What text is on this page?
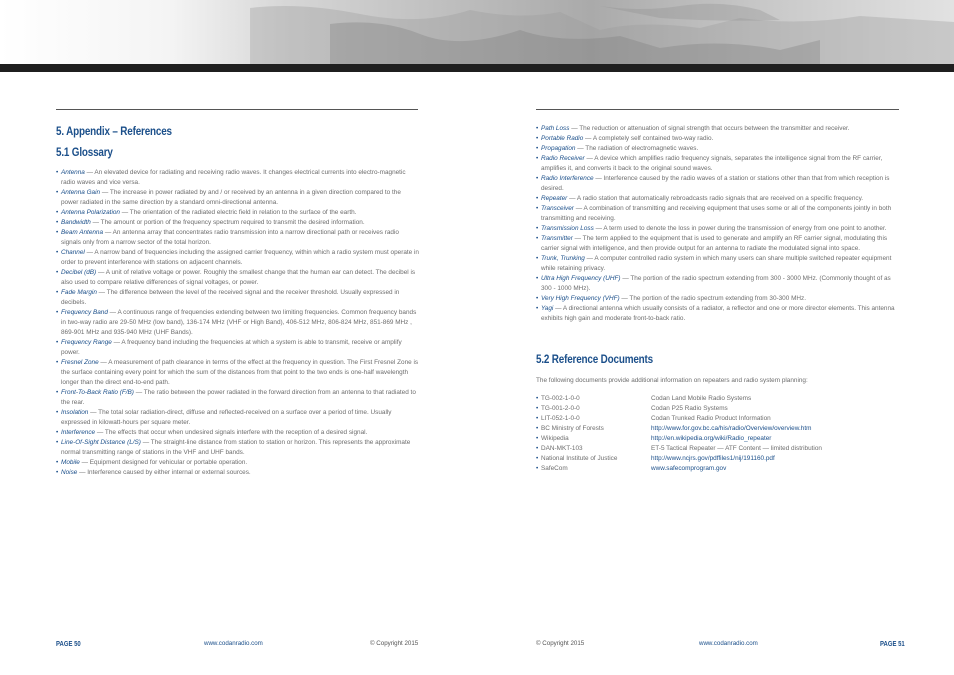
5. Appendix – References
5.1 Glossary
• Antenna — An elevated device for radiating and receiving radio waves. It changes electrical currents into electro-magnetic radio waves and vice versa.
• Antenna Gain — The increase in power radiated by and / or received by an antenna in a given direction compared to the power radiated in the same direction by a standard omni-directional antenna.
• Antenna Polarization — The orientation of the radiated electric field in relation to the surface of the earth.
• Bandwidth — The amount or portion of the frequency spectrum required to transmit the desired information.
• Beam Antenna — An antenna array that concentrates radio transmission into a narrow directional path or receives radio signals only from a narrow sector of the total horizon.
• Channel — A narrow band of frequencies including the assigned carrier frequency, within which a radio system must operate in order to prevent interference with stations on adjacent channels.
• Decibel (dB) — A unit of relative voltage or power. Roughly the smallest change that the human ear can detect. The decibel is also used to compare relative differences of signal voltages, or power.
• Fade Margin — The difference between the level of the received signal and the receiver threshold. Usually expressed in decibels.
• Frequency Band — A continuous range of frequencies extending between two limiting frequencies. Common frequency bands in two-way radio are 29-50 MHz (low band), 136-174 MHz (VHF or High Band), 406-512 MHz, 806-824 MHz, 851-869 MHz , 869-901 MHz and 935-940 MHz (UHF Bands).
• Frequency Range — A frequency band including the frequencies at which a system is able to transmit, receive or amplify power.
• Fresnel Zone — A measurement of path clearance in terms of the effect at the frequency in question. The First Fresnel Zone is the surface containing every point for which the sum of the distances from that point to the two ends is one-half wavelength longer than the direct end-to-end path.
• Front-To-Back Ratio (F/B) — The ratio between the power radiated in the forward direction from an antenna to that radiated to the rear.
• Insolation — The total solar radiation-direct, diffuse and reflected-received on a surface over a period of time. Usually expressed in kilowatt-hours per square meter.
• Interference — The effects that occur when undesired signals interfere with the reception of a desired signal.
• Line-Of-Sight Distance (L/S) — The straight-line distance from station to station or horizon. This represents the approximate normal transmitting range of stations in the VHF and UHF bands.
• Mobile — Equipment designed for vehicular or portable operation.
• Noise — Interference caused by either internal or external sources.
PAGE 50	www.codanradio.com	© Copyright 2015
• Path Loss — The reduction or attenuation of signal strength that occurs between the transmitter and receiver.
• Portable Radio — A completely self contained two-way radio.
• Propagation — The radiation of electromagnetic waves.
• Radio Receiver — A device which amplifies radio frequency signals, separates the intelligence signal from the RF carrier, amplifies it, and converts it back to the original sound waves.
• Radio Interference — Interference caused by the radio waves of a station or stations other than that from which reception is desired.
• Repeater — A radio station that automatically rebroadcasts radio signals that are received on a specific frequency.
• Transceiver — A combination of transmitting and receiving equipment that uses some or all of the components jointly in both transmitting and receiving.
• Transmission Loss — A term used to denote the loss in power during the transmission of energy from one point to another.
• Transmitter — The term applied to the equipment that is used to generate and amplify an RF carrier signal, modulating this carrier signal with intelligence, and then provide output for an antenna to radiate the modulated signal into space.
• Trunk, Trunking — A computer controlled radio system in which many users can share multiple switched repeater equipment while retaining privacy.
• Ultra High Frequency (UHF) — The portion of the radio spectrum extending from 300 - 3000 MHz. (Commonly thought of as 300 - 1000 MHz).
• Very High Frequency (VHF) — The portion of the radio spectrum extending from 30-300 MHz.
• Yagi — A directional antenna which usually consists of a radiator, a reflector and one or more director elements. This antenna exhibits high gain and moderate front-to-back ratio.
5.2 Reference Documents
The following documents provide additional information on repeaters and radio system planning:
• TG-002-1-0-0	Codan Land Mobile Radio Systems
• TG-001-2-0-0	Codan P25 Radio Systems
• LIT-052-1-0-0	Codan Trunked Radio Product Information
• BC Ministry of Forests	http://www.for.gov.bc.ca/his/radio/Overview/overview.htm
• Wikipedia	http://en.wikipedia.org/wiki/Radio_repeater
• DAN-MKT-103	ET-5 Tactical Repeater — ATF Content — limited distribution
• National Institute of Justice	http://www.ncjrs.gov/pdffiles1/nij/191160.pdf
• SafeCom	www.safecomprogram.gov
© Copyright 2015	www.codanradio.com	PAGE 51
